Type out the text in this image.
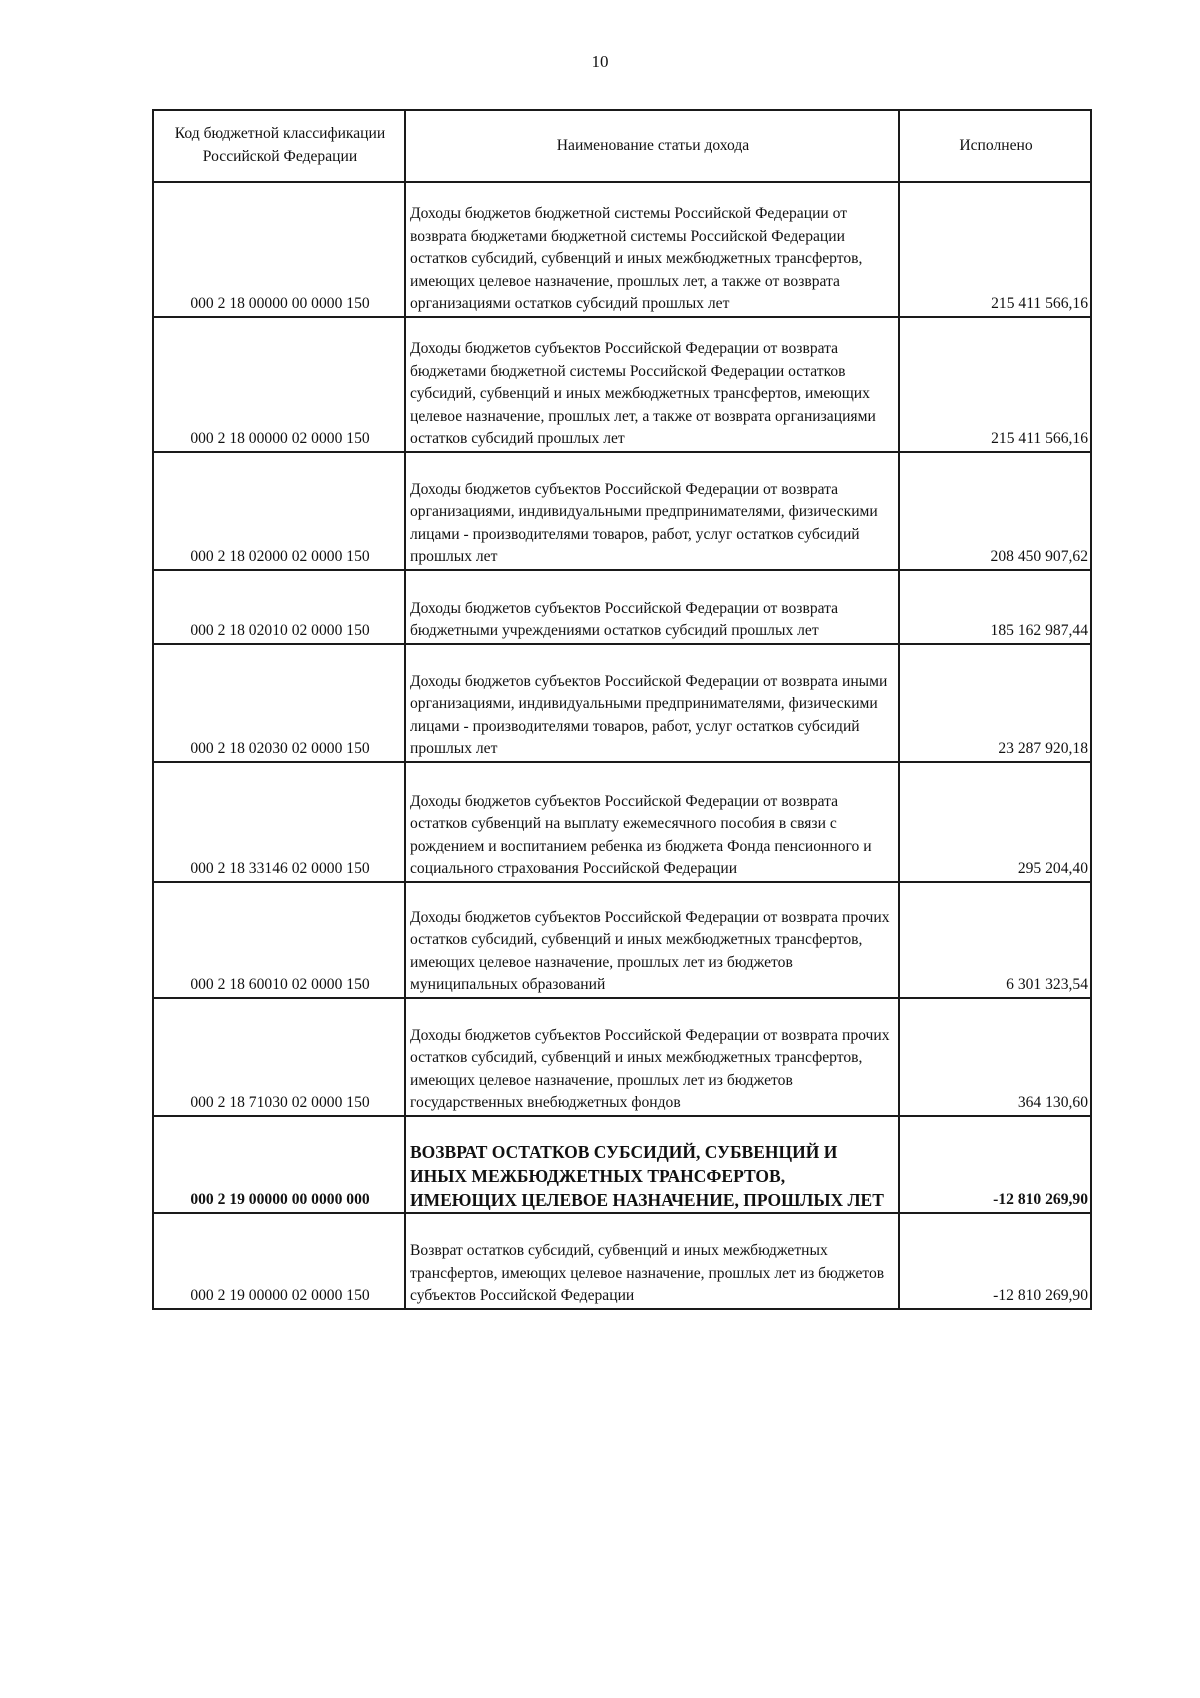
10
Код бюджетной классификации Российской Федерации	Наименование статьи дохода	Исполнено
000 2 18 00000 00 0000 150	Доходы бюджетов бюджетной системы Российской Федерации от возврата бюджетами бюджетной системы Российской Федерации остатков субсидий, субвенций и иных межбюджетных трансфертов, имеющих целевое назначение, прошлых лет, а также от возврата организациями остатков субсидий прошлых лет	215 411 566,16
000 2 18 00000 02 0000 150	Доходы бюджетов субъектов Российской Федерации от возврата бюджетами бюджетной системы Российской Федерации остатков субсидий, субвенций и иных межбюджетных трансфертов, имеющих целевое назначение, прошлых лет, а также от возврата организациями остатков субсидий прошлых лет	215 411 566,16
000 2 18 02000 02 0000 150	Доходы бюджетов субъектов Российской Федерации от возврата организациями, индивидуальными предпринимателями, физическими лицами - производителями товаров, работ, услуг остатков субсидий прошлых лет	208 450 907,62
000 2 18 02010 02 0000 150	Доходы бюджетов субъектов Российской Федерации от возврата бюджетными учреждениями остатков субсидий прошлых лет	185 162 987,44
000 2 18 02030 02 0000 150	Доходы бюджетов субъектов Российской Федерации от возврата иными организациями, индивидуальными предпринимателями, физическими лицами - производителями товаров, работ, услуг остатков субсидий прошлых лет	23 287 920,18
000 2 18 33146 02 0000 150	Доходы бюджетов субъектов Российской Федерации от возврата остатков субвенций на выплату ежемесячного пособия в связи с рождением и воспитанием ребенка из бюджета Фонда пенсионного и социального страхования Российской Федерации	295 204,40
000 2 18 60010 02 0000 150	Доходы бюджетов субъектов Российской Федерации от возврата прочих остатков субсидий, субвенций и иных межбюджетных трансфертов, имеющих целевое назначение, прошлых лет из бюджетов муниципальных образований	6 301 323,54
000 2 18 71030 02 0000 150	Доходы бюджетов субъектов Российской Федерации от возврата прочих остатков субсидий, субвенций и иных межбюджетных трансфертов, имеющих целевое назначение, прошлых лет из бюджетов государственных внебюджетных фондов	364 130,60
000 2 19 00000 00 0000 000	ВОЗВРАТ ОСТАТКОВ СУБСИДИЙ, СУБВЕНЦИЙ И ИНЫХ МЕЖБЮДЖЕТНЫХ ТРАНСФЕРТОВ, ИМЕЮЩИХ ЦЕЛЕВОЕ НАЗНАЧЕНИЕ, ПРОШЛЫХ ЛЕТ	-12 810 269,90
000 2 19 00000 02 0000 150	Возврат остатков субсидий, субвенций и иных межбюджетных трансфертов, имеющих целевое назначение, прошлых лет из бюджетов субъектов Российской Федерации	-12 810 269,90
